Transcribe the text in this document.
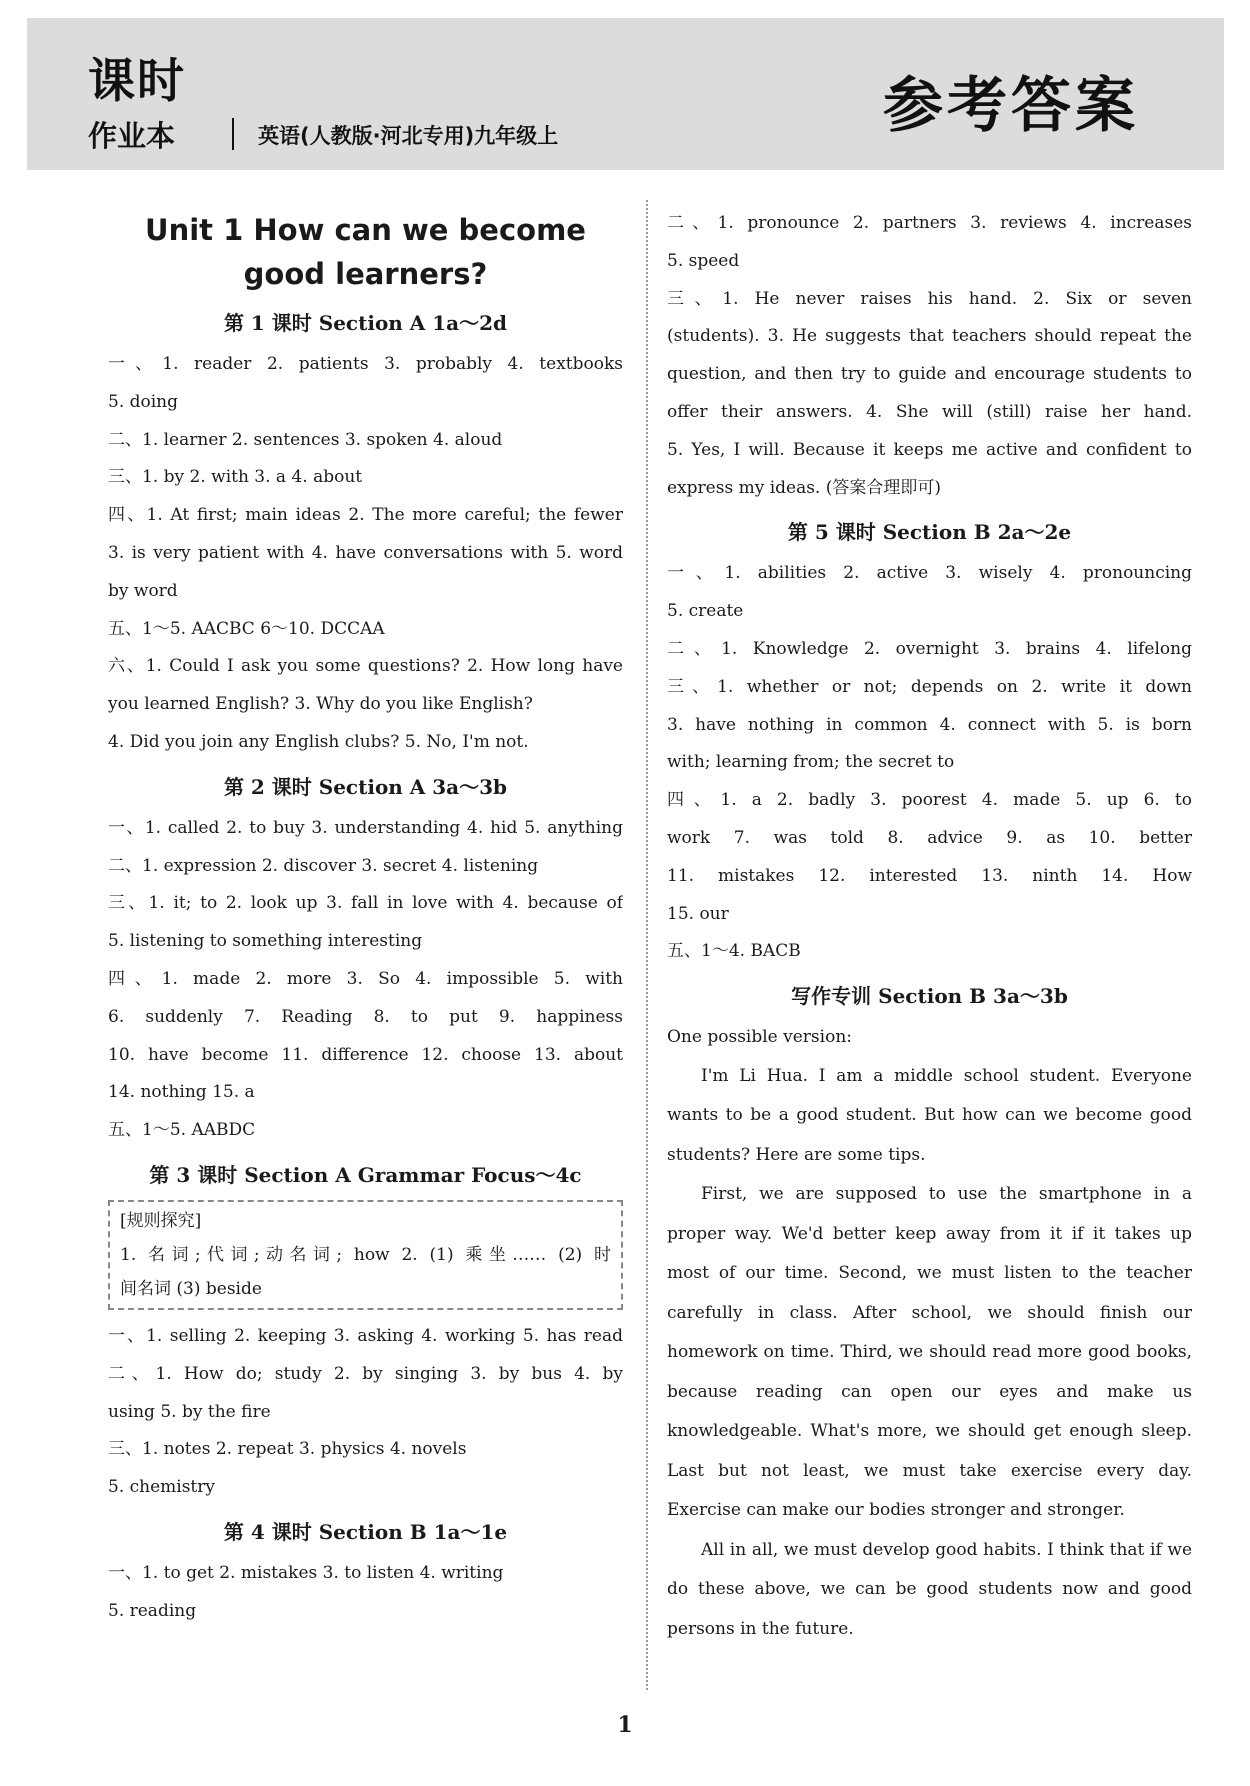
课时
作业本	英语(人教版·河北专用)九年级上	参考答案
Unit 1 How can we become
good learners?
第 1 课时 Section A 1a～2d
一、1. reader 2. patients 3. probably 4. textbooks
5. doing
二、1. learner 2. sentences 3. spoken 4. aloud
三、1. by 2. with 3. a 4. about
四、1. At first; main ideas 2. The more careful; the fewer
3. is very patient with 4. have conversations with 5. word
by word
五、1～5. AACBC 6～10. DCCAA
六、1. Could I ask you some questions? 2. How long have
you learned English? 3. Why do you like English?
4. Did you join any English clubs? 5. No, I'm not.
第 2 课时 Section A 3a～3b
一、1. called 2. to buy 3. understanding 4. hid 5. anything
二、1. expression 2. discover 3. secret 4. listening
三、1. it; to 2. look up 3. fall in love with 4. because of
5. listening to something interesting
四、1. made 2. more 3. So 4. impossible 5. with
6. suddenly 7. Reading 8. to put 9. happiness
10. have become 11. difference 12. choose 13. about
14. nothing 15. a
五、1～5. AABDC
第 3 课时 Section A Grammar Focus～4c
[规则探究]
1. 名词;代词;动名词; how 2. (1) 乘坐…… (2) 时
间名词 (3) beside
一、1. selling 2. keeping 3. asking 4. working 5. has read
二、1. How do; study 2. by singing 3. by bus 4. by
using 5. by the fire
三、1. notes 2. repeat 3. physics 4. novels
5. chemistry
第 4 课时 Section B 1a～1e
一、1. to get 2. mistakes 3. to listen 4. writing
5. reading
二、1. pronounce 2. partners 3. reviews 4. increases
5. speed
三、1. He never raises his hand. 2. Six or seven
(students). 3. He suggests that teachers should repeat the
question, and then try to guide and encourage students to
offer their answers. 4. She will (still) raise her hand.
5. Yes, I will. Because it keeps me active and confident to
express my ideas. (答案合理即可)
第 5 课时 Section B 2a～2e
一、1. abilities 2. active 3. wisely 4. pronouncing
5. create
二、1. Knowledge 2. overnight 3. brains 4. lifelong
三、1. whether or not; depends on 2. write it down
3. have nothing in common 4. connect with 5. is born
with; learning from; the secret to
四、1. a 2. badly 3. poorest 4. made 5. up 6. to
work 7. was told 8. advice 9. as 10. better
11. mistakes 12. interested 13. ninth 14. How
15. our
五、1～4. BACB
写作专训 Section B 3a～3b
One possible version:
I'm Li Hua. I am a middle school student. Everyone wants to be a good student. But how can we become good students? Here are some tips.
First, we are supposed to use the smartphone in a proper way. We'd better keep away from it if it takes up most of our time. Second, we must listen to the teacher carefully in class. After school, we should finish our homework on time. Third, we should read more good books, because reading can open our eyes and make us knowledgeable. What's more, we should get enough sleep. Last but not least, we must take exercise every day. Exercise can make our bodies stronger and stronger.
All in all, we must develop good habits. I think that if we do these above, we can be good students now and good persons in the future.
1
